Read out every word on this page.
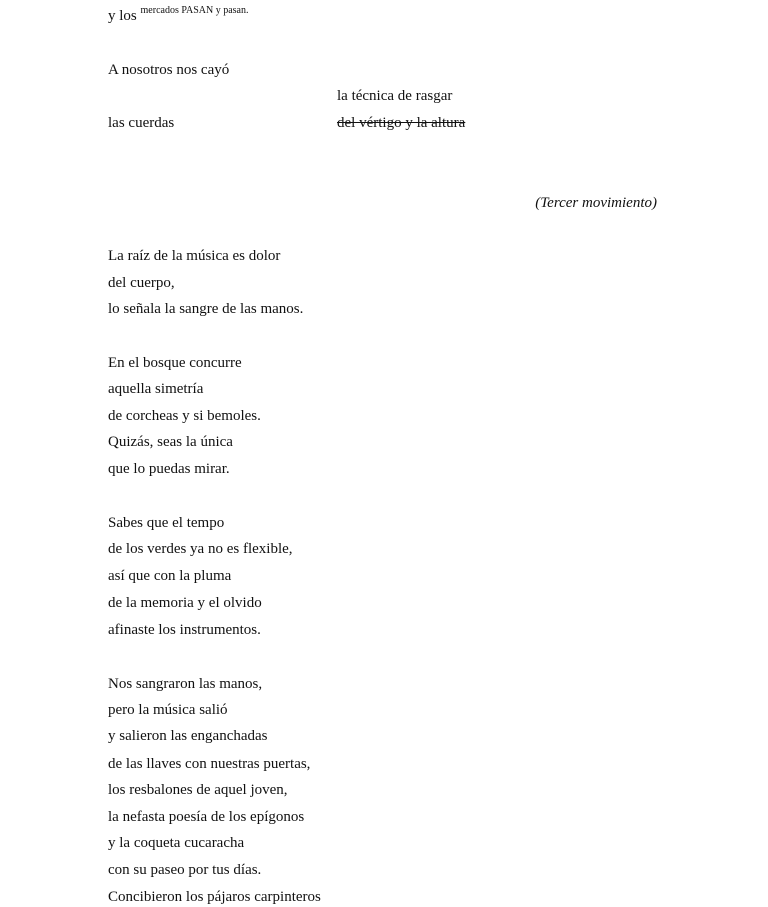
y los $^{mercados PASAN y pasan.}$
A nosotros nos cayó
la técnica de rasgar
las cuerdas	del vértigo y la altura
(Tercer movimiento)
La raíz de la música es dolor
del cuerpo,
lo señala la sangre de las manos.
En el bosque concurre
aquella simetría
de corcheas y si bemoles.
Quizás, seas la única
que lo puedas mirar.
Sabes que el tempo
de los verdes ya no es flexible,
así que con la pluma
de la memoria y el olvido
afinaste los instrumentos.
Nos sangraron las manos,
pero la música salió
y salieron las enganchadas
de las llaves con nuestras puertas,
los resbalones de aquel joven,
la nefasta poesía de los epígonos
y la coqueta cucaracha
con su paseo por tus días.
Concibieron los pájaros carpinteros
